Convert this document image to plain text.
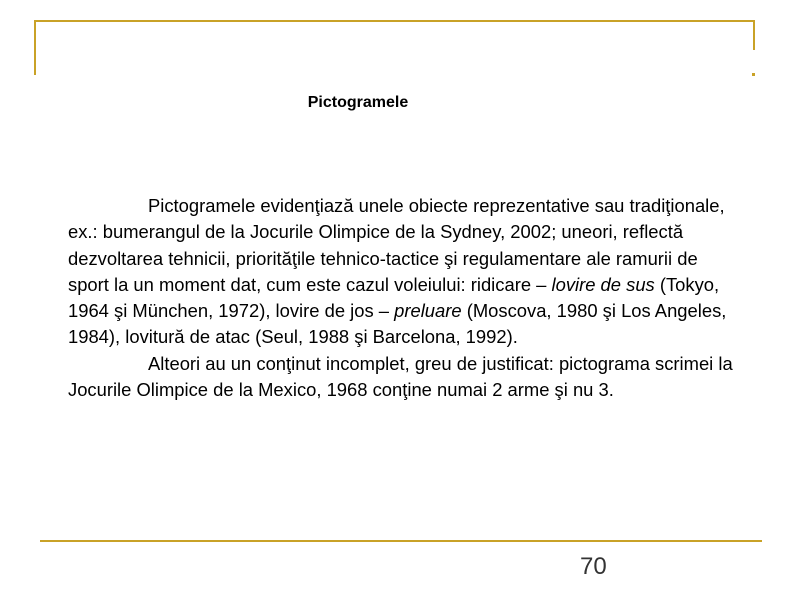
Pictogramele

Pictogramele evidenţiază unele obiecte reprezentative sau tradiţionale, ex.: bumerangul de la Jocurile Olimpice de la Sydney, 2002; uneori, reflectă dezvoltarea tehnicii, priorităţile tehnico-tactice şi regulamentare ale ramurii de sport la un moment dat, cum este cazul voleiului: ridicare – lovire de sus (Tokyo, 1964 şi München, 1972), lovire de jos – preluare (Moscova, 1980 şi Los Angeles, 1984), lovitură de atac (Seul, 1988 şi Barcelona, 1992).

Alteori au un conţinut incomplet, greu de justificat: pictograma scrimei la Jocurile Olimpice de la Mexico, 1968 conţine numai 2 arme şi nu 3.

70
